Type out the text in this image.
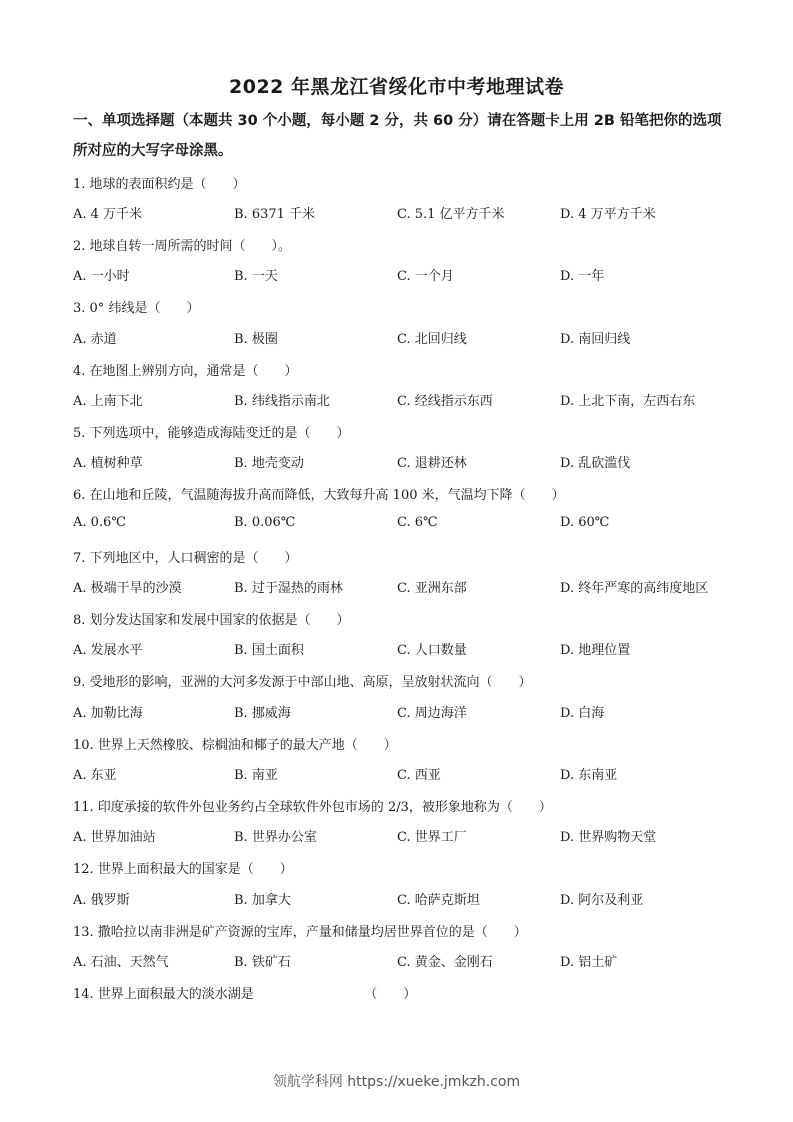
2022 年黑龙江省绥化市中考地理试卷
一、单项选择题（本题共 30 个小题，每小题 2 分，共 60 分）请在答题卡上用 2B 铅笔把你的选项所对应的大写字母涂黑。
1. 地球的表面积约是（　　）
A. 4 万千米	B. 6371 千米	C. 5.1 亿平方千米	D. 4 万平方千米
2. 地球自转一周所需的时间（　　）。
A. 一小时	B. 一天	C. 一个月	D. 一年
3. 0° 纬线是（　　）
A. 赤道	B. 极圈	C. 北回归线	D. 南回归线
4. 在地图上辨别方向，通常是（　　）
A. 上南下北	B. 纬线指示南北	C. 经线指示东西	D. 上北下南，左西右东
5. 下列选项中，能够造成海陆变迁的是（　　）
A. 植树种草	B. 地壳变动	C. 退耕还林	D. 乱砍滥伐
6. 在山地和丘陵，气温随海拔升高而降低，大致每升高 100 米，气温均下降（　　）
A. 0.6℃	B. 0.06℃	C. 6℃	D. 60℃
7. 下列地区中，人口稠密的是（　　）
A. 极端干旱的沙漠	B. 过于湿热的雨林	C. 亚洲东部	D. 终年严寒的高纬度地区
8. 划分发达国家和发展中国家的依据是（　　）
A. 发展水平	B. 国土面积	C. 人口数量	D. 地理位置
9. 受地形的影响，亚洲的大河多发源于中部山地、高原，呈放射状流向（　　）
A. 加勒比海	B. 挪威海	C. 周边海洋	D. 白海
10. 世界上天然橡胶、棕榈油和椰子的最大产地（　　）
A. 东亚	B. 南亚	C. 西亚	D. 东南亚
11. 印度承接的软件外包业务约占全球软件外包市场的 2/3，被形象地称为（　　）
A. 世界加油站	B. 世界办公室	C. 世界工厂	D. 世界购物天堂
12. 世界上面积最大的国家是（　　）
A. 俄罗斯	B. 加拿大	C. 哈萨克斯坦	D. 阿尔及利亚
13. 撒哈拉以南非洲是矿产资源的宝库，产量和储量均居世界首位的是（　　）
A. 石油、天然气	B. 铁矿石	C. 黄金、金刚石	D. 铝土矿
14. 世界上面积最大的淡水湖是　　　　　　　　　（　　）
领航学科网 https://xueke.jmkzh.com
